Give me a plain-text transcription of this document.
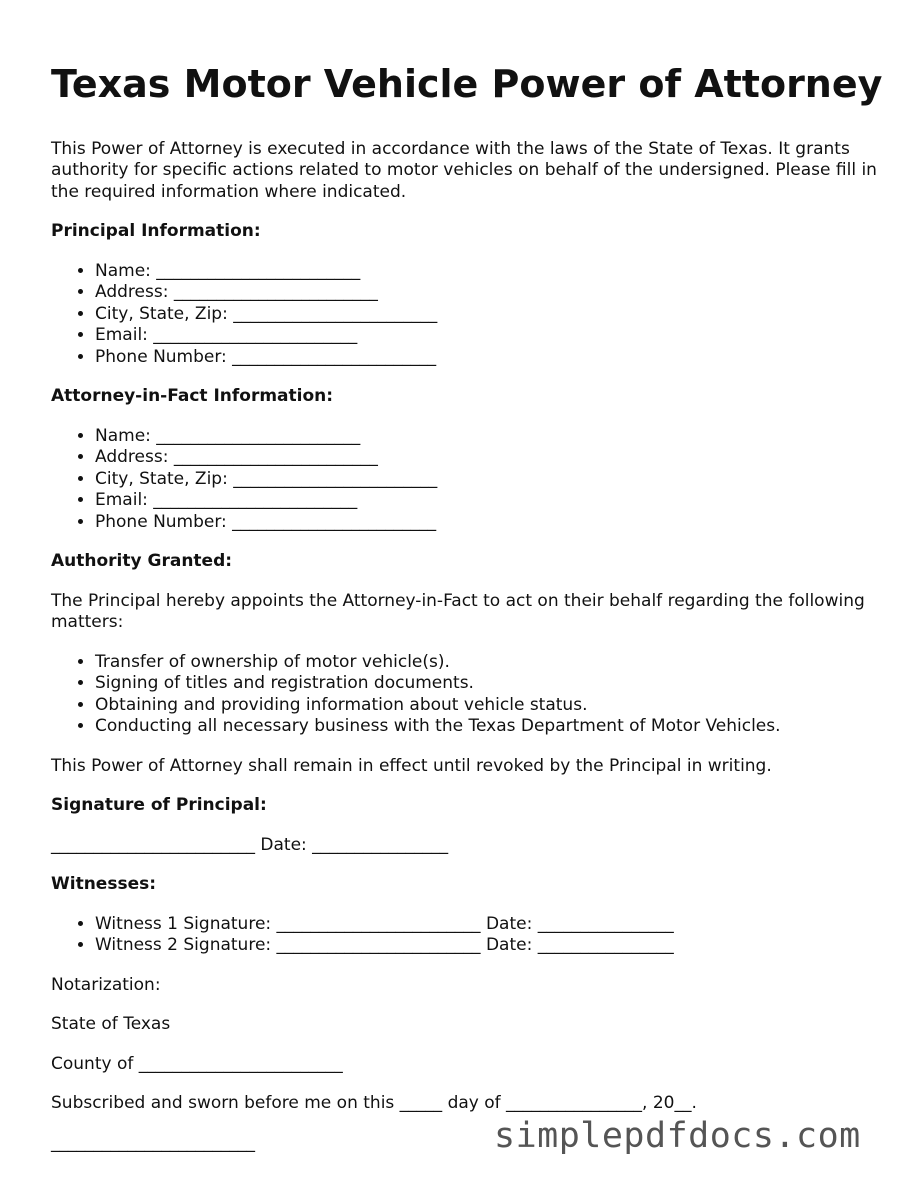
Texas Motor Vehicle Power of Attorney

This Power of Attorney is executed in accordance with the laws of the State of Texas. It grants authority for specific actions related to motor vehicles on behalf of the undersigned. Please fill in the required information where indicated.

Principal Information:

• Name: ________________________
• Address: ________________________
• City, State, Zip: ________________________
• Email: ________________________
• Phone Number: ________________________

Attorney-in-Fact Information:

• Name: ________________________
• Address: ________________________
• City, State, Zip: ________________________
• Email: ________________________
• Phone Number: ________________________

Authority Granted:

The Principal hereby appoints the Attorney-in-Fact to act on their behalf regarding the following matters:

• Transfer of ownership of motor vehicle(s).
• Signing of titles and registration documents.
• Obtaining and providing information about vehicle status.
• Conducting all necessary business with the Texas Department of Motor Vehicles.

This Power of Attorney shall remain in effect until revoked by the Principal in writing.

Signature of Principal:

________________________ Date: ________________

Witnesses:

• Witness 1 Signature: ________________________ Date: ________________
• Witness 2 Signature: ________________________ Date: ________________

Notarization:

State of Texas

County of ________________________

Subscribed and sworn before me on this _____ day of ________________, 20__.

________________________	simplepdfdocs.com
